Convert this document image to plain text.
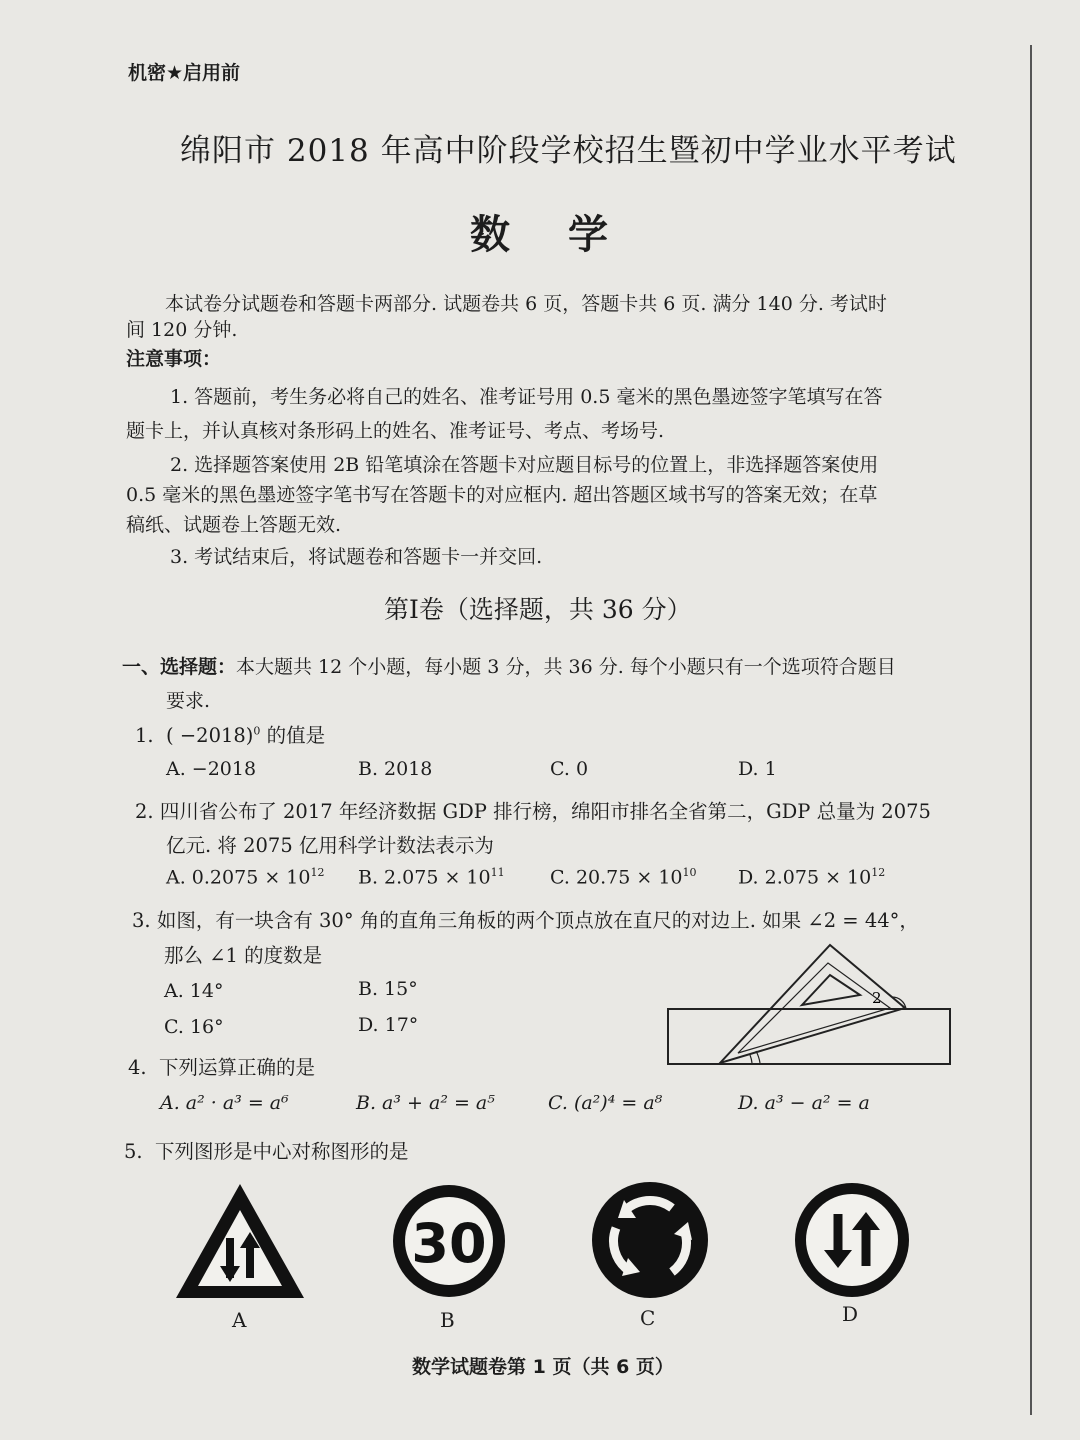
机密★启用前
绵阳市 2018 年高中阶段学校招生暨初中学业水平考试
数学
本试卷分试题卷和答题卡两部分. 试题卷共 6 页，答题卡共 6 页. 满分 140 分. 考试时
间 120 分钟.
注意事项：
1. 答题前，考生务必将自己的姓名、准考证号用 0.5 毫米的黑色墨迹签字笔填写在答
题卡上，并认真核对条形码上的姓名、准考证号、考点、考场号.
2. 选择题答案使用 2B 铅笔填涂在答题卡对应题目标号的位置上，非选择题答案使用
0.5 毫米的黑色墨迹签字笔书写在答题卡的对应框内. 超出答题区域书写的答案无效；在草
稿纸、试题卷上答题无效.
3. 考试结束后，将试题卷和答题卡一并交回.
第Ⅰ卷（选择题，共 36 分）
一、选择题：本大题共 12 个小题，每小题 3 分，共 36 分. 每个小题只有一个选项符合题目
要求.
1. ( −2018)$^0$ 的值是
A. −2018	B. 2018	C. 0	D. 1
2. 四川省公布了 2017 年经济数据 GDP 排行榜，绵阳市排名全省第二，GDP 总量为 2075
亿元. 将 2075 亿用科学计数法表示为
A. $0.2075 \times 10^{12}$ B. $2.075 \times 10^{11}$ C. $20.75 \times 10^{10}$ D. $2.075 \times 10^{12}$
3. 如图，有一块含有 30° 角的直角三角板的两个顶点放在直尺的对边上. 如果 ∠2 = 44°，
那么 ∠1 的度数是
A. 14°	B. 15°
C. 16°	D. 17°
2
4. 下列运算正确的是
A. a² · a³ = a⁶	B. a³ + a² = a⁵	C. (a²)⁴ = a⁸	D. a³ − a² = a
5. 下列图形是中心对称图形的是
A
30
B	C	D
数学试题卷第 1 页（共 6 页）
